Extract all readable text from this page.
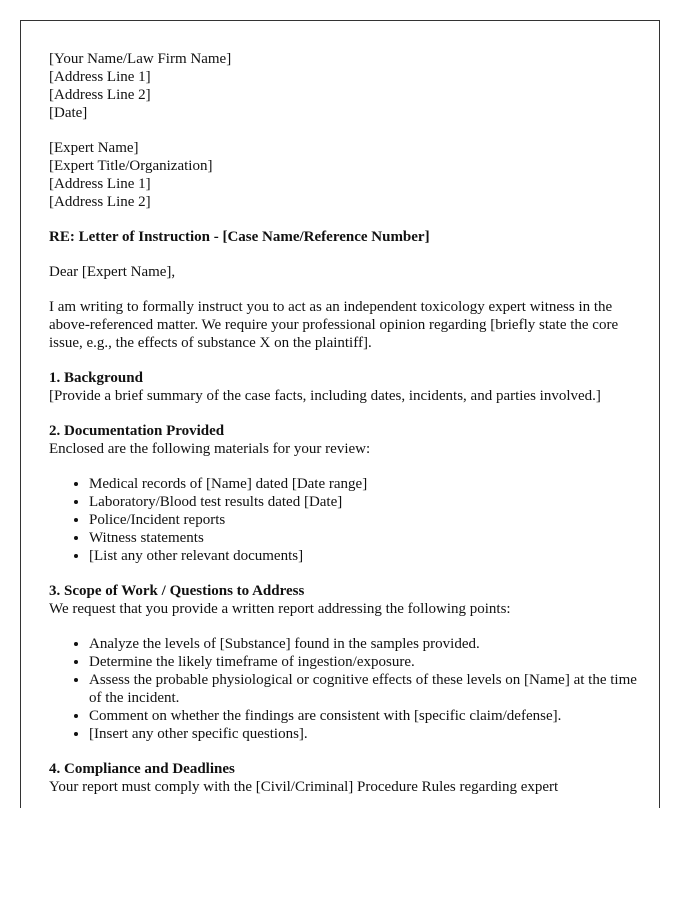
[Your Name/Law Firm Name]
[Address Line 1]
[Address Line 2]
[Date]
[Expert Name]
[Expert Title/Organization]
[Address Line 1]
[Address Line 2]

RE: Letter of Instruction - [Case Name/Reference Number]

Dear [Expert Name],

I am writing to formally instruct you to act as an independent toxicology expert witness in the above-referenced matter. We require your professional opinion regarding [briefly state the core issue, e.g., the effects of substance X on the plaintiff].

1. Background

[Provide a brief summary of the case facts, including dates, incidents, and parties involved.]

2. Documentation Provided

Enclosed are the following materials for your review:

• Medical records of [Name] dated [Date range]
• Laboratory/Blood test results dated [Date]
• Police/Incident reports
• Witness statements
• [List any other relevant documents]
3. Scope of Work / Questions to Address

We request that you provide a written report addressing the following points:

• Analyze the levels of [Substance] found in the samples provided.
• Determine the likely timeframe of ingestion/exposure.
• Assess the probable physiological or cognitive effects of these levels on [Name] at the time of the incident.
• Comment on whether the findings are consistent with [specific claim/defense].
• [Insert any other specific questions].
4. Compliance and Deadlines

Your report must comply with the [Civil/Criminal] Procedure Rules regarding expert
